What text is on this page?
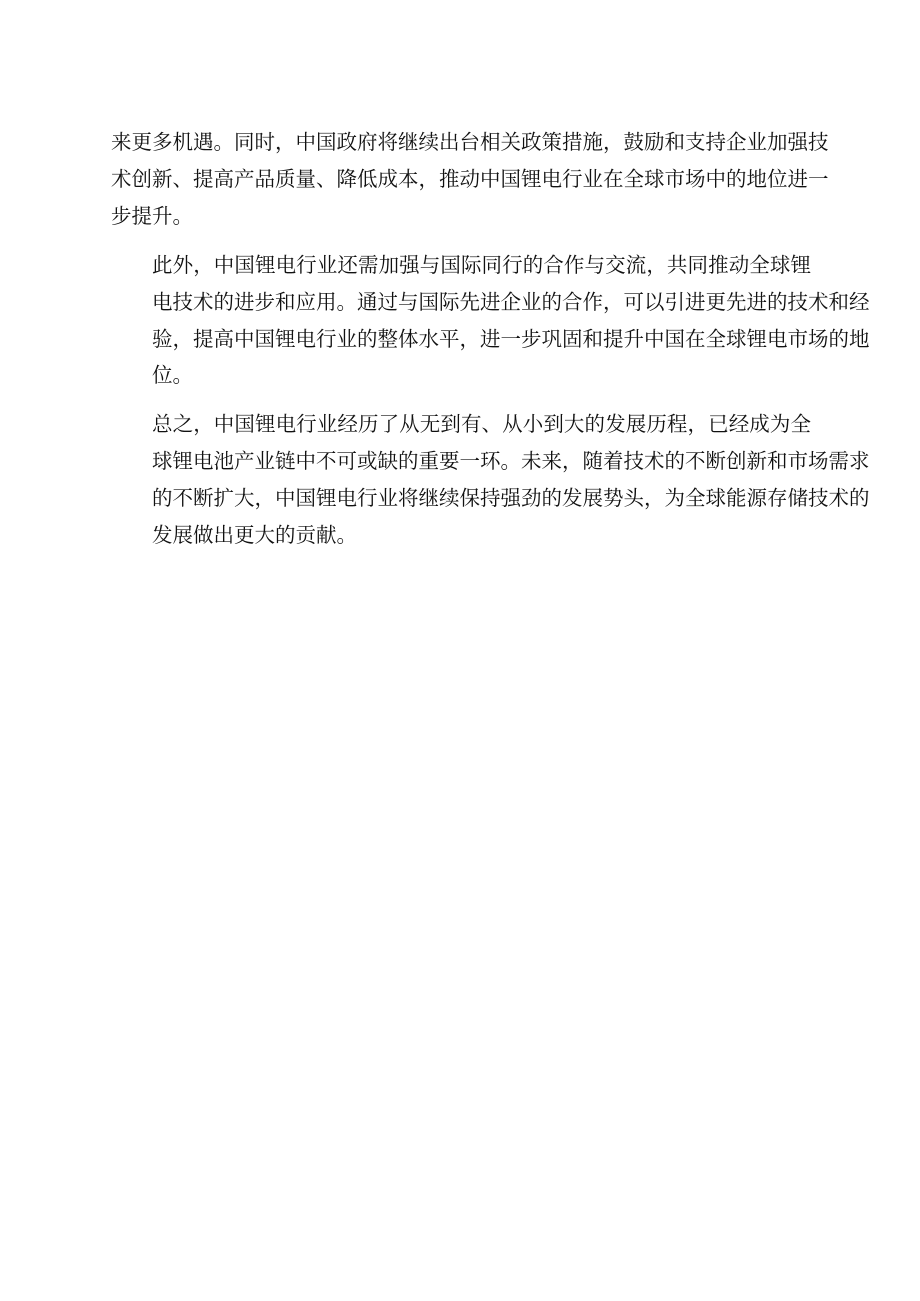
来更多机遇。同时，中国政府将继续出台相关政策措施，鼓励和支持企业加强技
术创新、提高产品质量、降低成本，推动中国锂电行业在全球市场中的地位进一
步提升。

此外，中国锂电行业还需加强与国际同行的合作与交流，共同推动全球锂
电技术的进步和应用。通过与国际先进企业的合作，可以引进更先进的技术和经
验，提高中国锂电行业的整体水平，进一步巩固和提升中国在全球锂电市场的地
位。

总之，中国锂电行业经历了从无到有、从小到大的发展历程，已经成为全
球锂电池产业链中不可或缺的重要一环。未来，随着技术的不断创新和市场需求
的不断扩大，中国锂电行业将继续保持强劲的发展势头，为全球能源存储技术的
发展做出更大的贡献。
